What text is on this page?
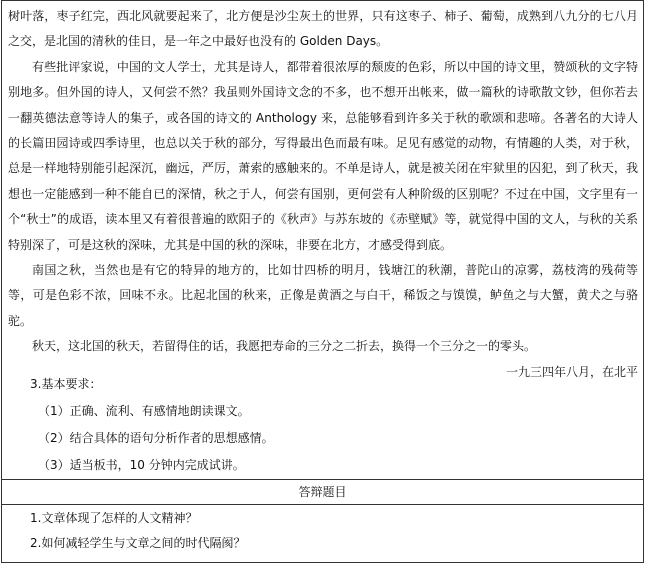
树叶落，枣子红完，西北风就要起来了，北方便是沙尘灰土的世界，只有这枣子、柿子、葡萄，成熟到八九分的七八月之交，是北国的清秋的佳日，是一年之中最好也没有的 Golden Days。

有些批评家说，中国的文人学士，尤其是诗人，都带着很浓厚的颓废的色彩，所以中国的诗文里，赞颂秋的文字特别地多。但外国的诗人，又何尝不然？我虽则外国诗文念的不多，也不想开出帐来，做一篇秋的诗歌散文钞，但你若去一翻英德法意等诗人的集子，或各国的诗文的 Anthology 来，总能够看到许多关于秋的歌颂和悲啼。各著名的大诗人的长篇田园诗或四季诗里，也总以关于秋的部分，写得最出色而最有味。足见有感觉的动物，有情趣的人类，对于秋，总是一样地特别能引起深沉，幽远，严厉，萧索的感触来的。不单是诗人，就是被关闭在牢狱里的囚犯，到了秋天，我想也一定能感到一种不能自已的深情，秋之于人，何尝有国别，更何尝有人种阶级的区别呢？不过在中国，文字里有一个“秋士”的成语，读本里又有着很普遍的欧阳子的《秋声》与苏东坡的《赤壁赋》等，就觉得中国的文人，与秋的关系特别深了，可是这秋的深味，尤其是中国的秋的深味，非要在北方，才感受得到底。

南国之秋，当然也是有它的特异的地方的，比如廿四桥的明月，钱塘江的秋潮，普陀山的凉雾，荔枝湾的残荷等等，可是色彩不浓，回味不永。比起北国的秋来，正像是黄酒之与白干，稀饭之与馍馍，鲈鱼之与大蟹，黄犬之与骆驼。

秋天，这北国的秋天，若留得住的话，我愿把寿命的三分之二折去，换得一个三分之一的零头。

一九三四年八月，在北平

3.基本要求：
（1）正确、流利、有感情地朗读课文。
（2）结合具体的语句分析作者的思想感情。
（3）适当板书，10 分钟内完成试讲。
答辩题目
1.文章体现了怎样的人文精神？
2.如何减轻学生与文章之间的时代隔阂？
